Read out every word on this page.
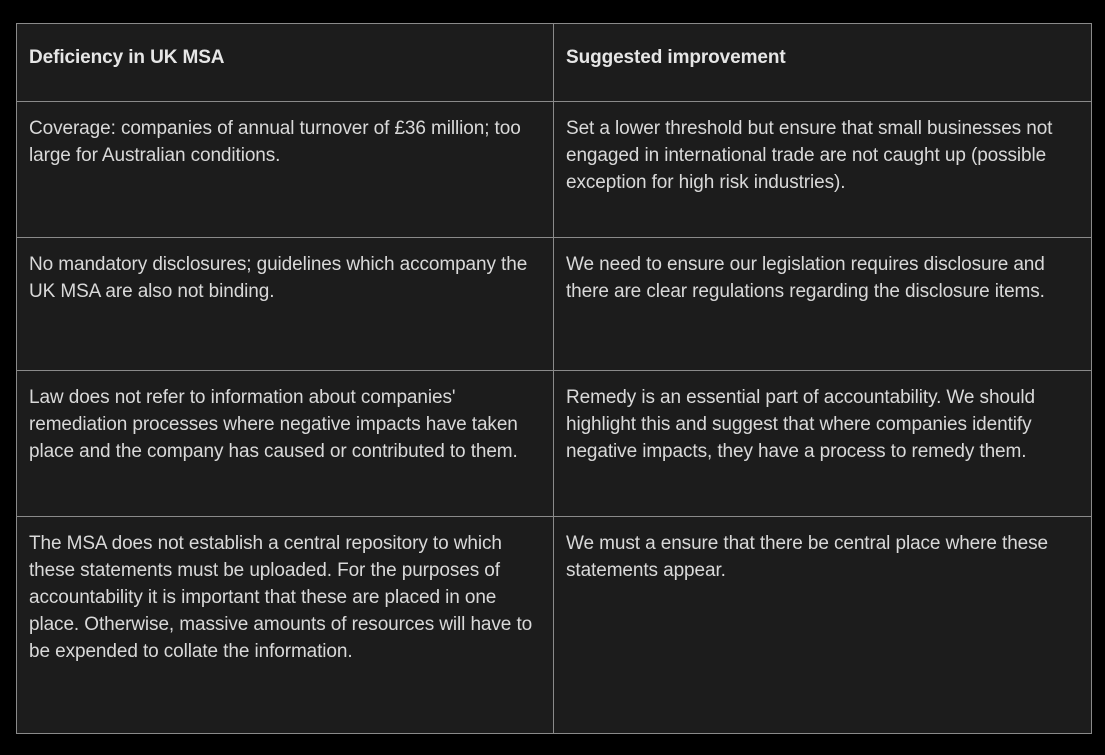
Deficiency in UK MSA	Suggested improvement
Coverage: companies of annual turnover of £36 million; too large for Australian conditions.	Set a lower threshold but ensure that small businesses not engaged in international trade are not caught up (possible exception for high risk industries).
No mandatory disclosures; guidelines which accompany the UK MSA are also not binding.	We need to ensure our legislation requires disclosure and there are clear regulations regarding the disclosure items.
Law does not refer to information about companies' remediation processes where negative impacts have taken place and the company has caused or contributed to them.	Remedy is an essential part of accountability. We should highlight this and suggest that where companies identify negative impacts, they have a process to remedy them.
The MSA does not establish a central repository to which these statements must be uploaded. For the purposes of accountability it is important that these are placed in one place. Otherwise, massive amounts of resources will have to be expended to collate the information.	We must a ensure that there be central place where these statements appear.
